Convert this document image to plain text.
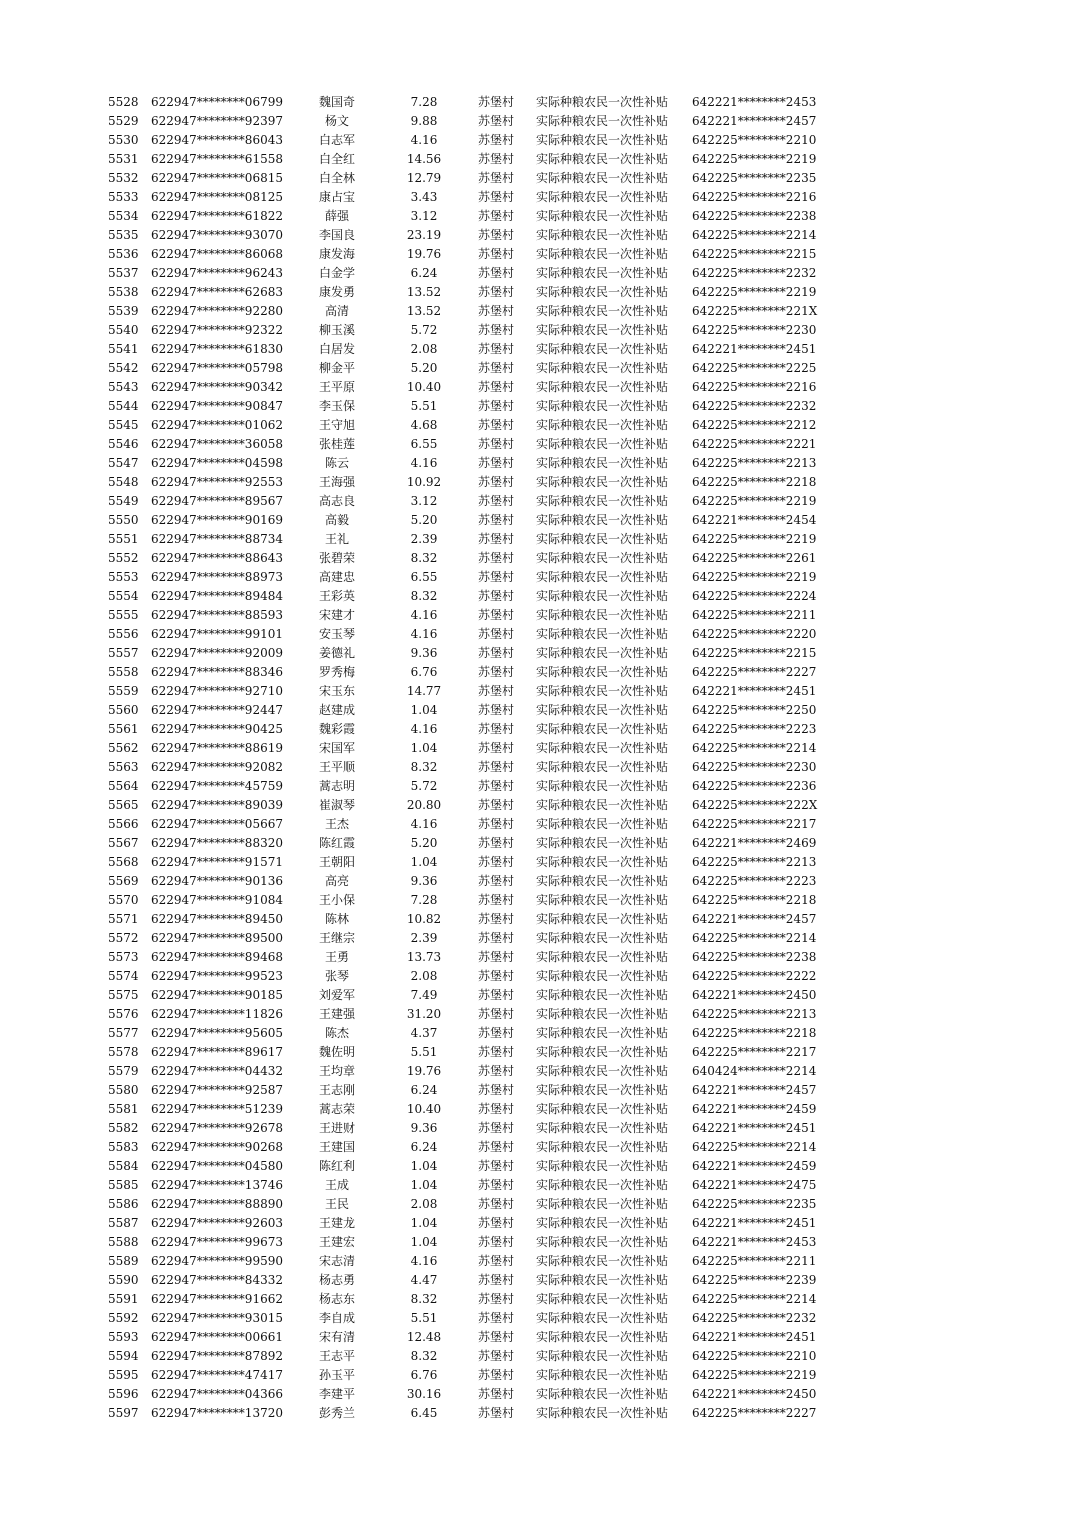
5528 622947********06799	魏国奇	7.28	苏堡村	实际种粮农民一次性补贴 642221********2453
5529 622947********92397	杨文	9.88	苏堡村	实际种粮农民一次性补贴 642221********2457
5530 622947********86043	白志军	4.16	苏堡村	实际种粮农民一次性补贴 642225********2210
5531 622947********61558	白全红	14.56	苏堡村	实际种粮农民一次性补贴 642225********2219
5532 622947********06815	白全林	12.79	苏堡村	实际种粮农民一次性补贴 642225********2235
5533 622947********08125	康占宝	3.43	苏堡村	实际种粮农民一次性补贴 642225********2216
5534 622947********61822	薛强	3.12	苏堡村	实际种粮农民一次性补贴 642225********2238
5535 622947********93070	李国良	23.19	苏堡村	实际种粮农民一次性补贴 642225********2214
5536 622947********86068	康发海	19.76	苏堡村	实际种粮农民一次性补贴 642225********2215
5537 622947********96243	白金学	6.24	苏堡村	实际种粮农民一次性补贴 642225********2232
5538 622947********62683	康发勇	13.52	苏堡村	实际种粮农民一次性补贴 642225********2219
5539 622947********92280	高清	13.52	苏堡村	实际种粮农民一次性补贴 642225********221X
5540 622947********92322	柳玉溪	5.72	苏堡村	实际种粮农民一次性补贴 642225********2230
5541 622947********61830	白居发	2.08	苏堡村	实际种粮农民一次性补贴 642221********2451
5542 622947********05798	柳金平	5.20	苏堡村	实际种粮农民一次性补贴 642225********2225
5543 622947********90342	王平原	10.40	苏堡村	实际种粮农民一次性补贴 642225********2216
5544 622947********90847	李玉保	5.51	苏堡村	实际种粮农民一次性补贴 642225********2232
5545 622947********01062	王守旭	4.68	苏堡村	实际种粮农民一次性补贴 642225********2212
5546 622947********36058	张桂莲	6.55	苏堡村	实际种粮农民一次性补贴 642225********2221
5547 622947********04598	陈云	4.16	苏堡村	实际种粮农民一次性补贴 642225********2213
5548 622947********92553	王海强	10.92	苏堡村	实际种粮农民一次性补贴 642225********2218
5549 622947********89567	高志良	3.12	苏堡村	实际种粮农民一次性补贴 642225********2219
5550 622947********90169	高毅	5.20	苏堡村	实际种粮农民一次性补贴 642221********2454
5551 622947********88734	王礼	2.39	苏堡村	实际种粮农民一次性补贴 642225********2219
5552 622947********88643	张碧荣	8.32	苏堡村	实际种粮农民一次性补贴 642225********2261
5553 622947********88973	高建忠	6.55	苏堡村	实际种粮农民一次性补贴 642225********2219
5554 622947********89484	王彩英	8.32	苏堡村	实际种粮农民一次性补贴 642225********2224
5555 622947********88593	宋建才	4.16	苏堡村	实际种粮农民一次性补贴 642225********2211
5556 622947********99101	安玉琴	4.16	苏堡村	实际种粮农民一次性补贴 642225********2220
5557 622947********92009	姜德礼	9.36	苏堡村	实际种粮农民一次性补贴 642225********2215
5558 622947********88346	罗秀梅	6.76	苏堡村	实际种粮农民一次性补贴 642225********2227
5559 622947********92710	宋玉东	14.77	苏堡村	实际种粮农民一次性补贴 642221********2451
5560 622947********92447	赵建成	1.04	苏堡村	实际种粮农民一次性补贴 642225********2250
5561 622947********90425	魏彩霞	4.16	苏堡村	实际种粮农民一次性补贴 642225********2223
5562 622947********88619	宋国军	1.04	苏堡村	实际种粮农民一次性补贴 642225********2214
5563 622947********92082	王平顺	8.32	苏堡村	实际种粮农民一次性补贴 642225********2230
5564 622947********45759	蒿志明	5.72	苏堡村	实际种粮农民一次性补贴 642225********2236
5565 622947********89039	崔淑琴	20.80	苏堡村	实际种粮农民一次性补贴 642225********222X
5566 622947********05667	王杰	4.16	苏堡村	实际种粮农民一次性补贴 642225********2217
5567 622947********88320	陈红霞	5.20	苏堡村	实际种粮农民一次性补贴 642221********2469
5568 622947********91571	王朝阳	1.04	苏堡村	实际种粮农民一次性补贴 642225********2213
5569 622947********90136	高亮	9.36	苏堡村	实际种粮农民一次性补贴 642225********2223
5570 622947********91084	王小保	7.28	苏堡村	实际种粮农民一次性补贴 642225********2218
5571 622947********89450	陈林	10.82	苏堡村	实际种粮农民一次性补贴 642221********2457
5572 622947********89500	王继宗	2.39	苏堡村	实际种粮农民一次性补贴 642225********2214
5573 622947********89468	王勇	13.73	苏堡村	实际种粮农民一次性补贴 642225********2238
5574 622947********99523	张琴	2.08	苏堡村	实际种粮农民一次性补贴 642225********2222
5575 622947********90185	刘爱军	7.49	苏堡村	实际种粮农民一次性补贴 642221********2450
5576 622947********11826	王建强	31.20	苏堡村	实际种粮农民一次性补贴 642225********2213
5577 622947********95605	陈杰	4.37	苏堡村	实际种粮农民一次性补贴 642225********2218
5578 622947********89617	魏佐明	5.51	苏堡村	实际种粮农民一次性补贴 642225********2217
5579 622947********04432	王均章	19.76	苏堡村	实际种粮农民一次性补贴 640424********2214
5580 622947********92587	王志刚	6.24	苏堡村	实际种粮农民一次性补贴 642221********2457
5581 622947********51239	蒿志荣	10.40	苏堡村	实际种粮农民一次性补贴 642221********2459
5582 622947********92678	王进财	9.36	苏堡村	实际种粮农民一次性补贴 642221********2451
5583 622947********90268	王建国	6.24	苏堡村	实际种粮农民一次性补贴 642225********2214
5584 622947********04580	陈红利	1.04	苏堡村	实际种粮农民一次性补贴 642221********2459
5585 622947********13746	王成	1.04	苏堡村	实际种粮农民一次性补贴 642221********2475
5586 622947********88890	王民	2.08	苏堡村	实际种粮农民一次性补贴 642225********2235
5587 622947********92603	王建龙	1.04	苏堡村	实际种粮农民一次性补贴 642221********2451
5588 622947********99673	王建宏	1.04	苏堡村	实际种粮农民一次性补贴 642221********2453
5589 622947********99590	宋志清	4.16	苏堡村	实际种粮农民一次性补贴 642225********2211
5590 622947********84332	杨志勇	4.47	苏堡村	实际种粮农民一次性补贴 642225********2239
5591 622947********91662	杨志东	8.32	苏堡村	实际种粮农民一次性补贴 642225********2214
5592 622947********93015	李自成	5.51	苏堡村	实际种粮农民一次性补贴 642225********2232
5593 622947********00661	宋有清	12.48	苏堡村	实际种粮农民一次性补贴 642221********2451
5594 622947********87892	王志平	8.32	苏堡村	实际种粮农民一次性补贴 642225********2210
5595 622947********47417	孙玉平	6.76	苏堡村	实际种粮农民一次性补贴 642225********2219
5596 622947********04366	李建平	30.16	苏堡村	实际种粮农民一次性补贴 642221********2450
5597 622947********13720	彭秀兰	6.45	苏堡村	实际种粮农民一次性补贴 642225********2227
